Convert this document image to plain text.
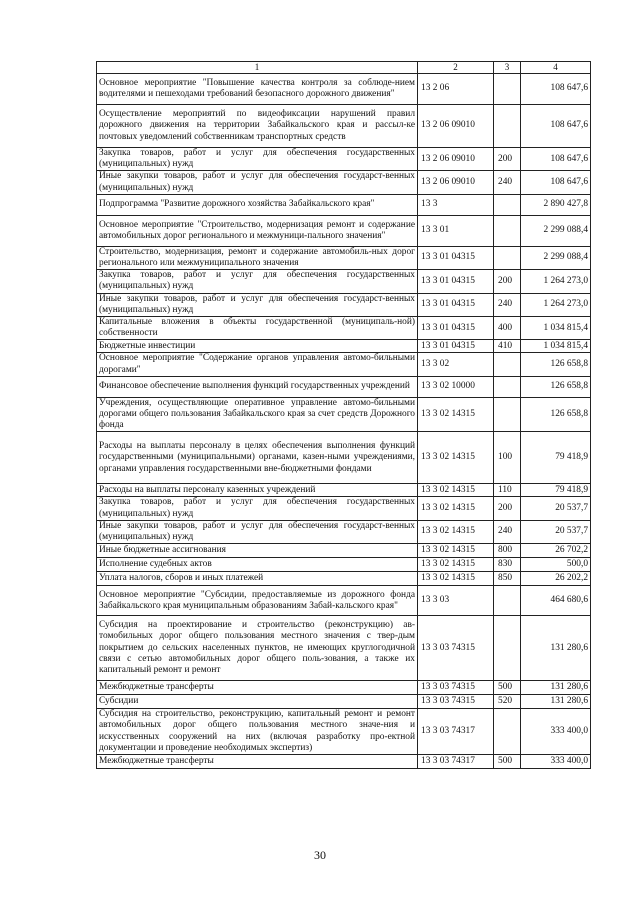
1	2	3	4
Основное мероприятие "Повышение качества контроля за соблюде-нием водителями и пешеходами требований безопасного дорожного движения"	13 2 06		108 647,6
Осуществление мероприятий по видеофиксации нарушений правил дорожного движения на территории Забайкальского края и рассыл-ке почтовых уведомлений собственникам транспортных средств	13 2 06 09010		108 647,6
Закупка товаров, работ и услуг для обеспечения государственных (муниципальных) нужд	13 2 06 09010	200	108 647,6
Иные закупки товаров, работ и услуг для обеспечения государст-венных (муниципальных) нужд	13 2 06 09010	240	108 647,6
Подпрограмма "Развитие дорожного хозяйства Забайкальского края"	13 3		2 890 427,8
Основное мероприятие "Строительство, модернизация ремонт и содержание автомобильных дорог регионального и межмуници-пального значения"	13 3 01		2 299 088,4
Строительство, модернизация, ремонт и содержание автомобиль-ных дорог регионального или межмуниципального значения	13 3 01 04315		2 299 088,4
Закупка товаров, работ и услуг для обеспечения государственных (муниципальных) нужд	13 3 01 04315	200	1 264 273,0
Иные закупки товаров, работ и услуг для обеспечения государст-венных (муниципальных) нужд	13 3 01 04315	240	1 264 273,0
Капитальные вложения в объекты государственной (муниципаль-ной) собственности	13 3 01 04315	400	1 034 815,4
Бюджетные инвестиции	13 3 01 04315	410	1 034 815,4
Основное мероприятие "Содержание органов управления автомо-бильными дорогами"	13 3 02		126 658,8
Финансовое обеспечение выполнения функций государственных учреждений	13 3 02 10000		126 658,8
Учреждения, осуществляющие оперативное управление автомо-бильными дорогами общего пользования Забайкальского края за счет средств Дорожного фонда	13 3 02 14315		126 658,8
Расходы на выплаты персоналу в целях обеспечения выполнения функций государственными (муниципальными) органами, казен-ными учреждениями, органами управления государственными вне-бюджетными фондами	13 3 02 14315	100	79 418,9
Расходы на выплаты персоналу казенных учреждений	13 3 02 14315	110	79 418,9
Закупка товаров, работ и услуг для обеспечения государственных (муниципальных) нужд	13 3 02 14315	200	20 537,7
Иные закупки товаров, работ и услуг для обеспечения государст-венных (муниципальных) нужд	13 3 02 14315	240	20 537,7
Иные бюджетные ассигнования	13 3 02 14315	800	26 702,2
Исполнение судебных актов	13 3 02 14315	830	500,0
Уплата налогов, сборов и иных платежей	13 3 02 14315	850	26 202,2
Основное мероприятие "Субсидии, предоставляемые из дорожного фонда Забайкальского края муниципальным образованиям Забай-кальского края"	13 3 03		464 680,6
Субсидия на проектирование и строительство (реконструкцию) ав-томобильных дорог общего пользования местного значения с твер-дым покрытием до сельских населенных пунктов, не имеющих круглогодичной связи с сетью автомобильных дорог общего поль-зования, а также их капитальный ремонт и ремонт	13 3 03 74315		131 280,6
Межбюджетные трансферты	13 3 03 74315	500	131 280,6
Субсидии	13 3 03 74315	520	131 280,6
Субсидия на строительство, реконструкцию, капитальный ремонт и ремонт автомобильных дорог общего пользования местного значе-ния и искусственных сооружений на них (включая разработку про-ектной документации и проведение необходимых экспертиз)	13 3 03 74317		333 400,0
Межбюджетные трансферты	13 3 03 74317	500	333 400,0
30
